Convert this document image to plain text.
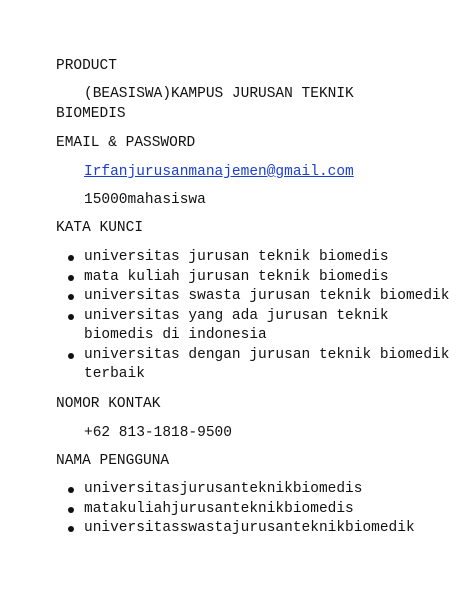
PRODUCT
(BEASISWA)KAMPUS JURUSAN TEKNIK
BIOMEDIS
EMAIL & PASSWORD
Irfanjurusanmanajemen@gmail.com
15000mahasiswa
KATA KUNCI
universitas jurusan teknik biomedis
mata kuliah jurusan teknik biomedis
universitas swasta jurusan teknik biomedik
universitas yang ada jurusan teknik
biomedis di indonesia
universitas dengan jurusan teknik biomedik
terbaik
NOMOR KONTAK
+62 813-1818-9500
NAMA PENGGUNA
universitasjurusanteknikbiomedis
matakuliahjurusanteknikbiomedis
universitasswastajurusanteknikbiomedik
